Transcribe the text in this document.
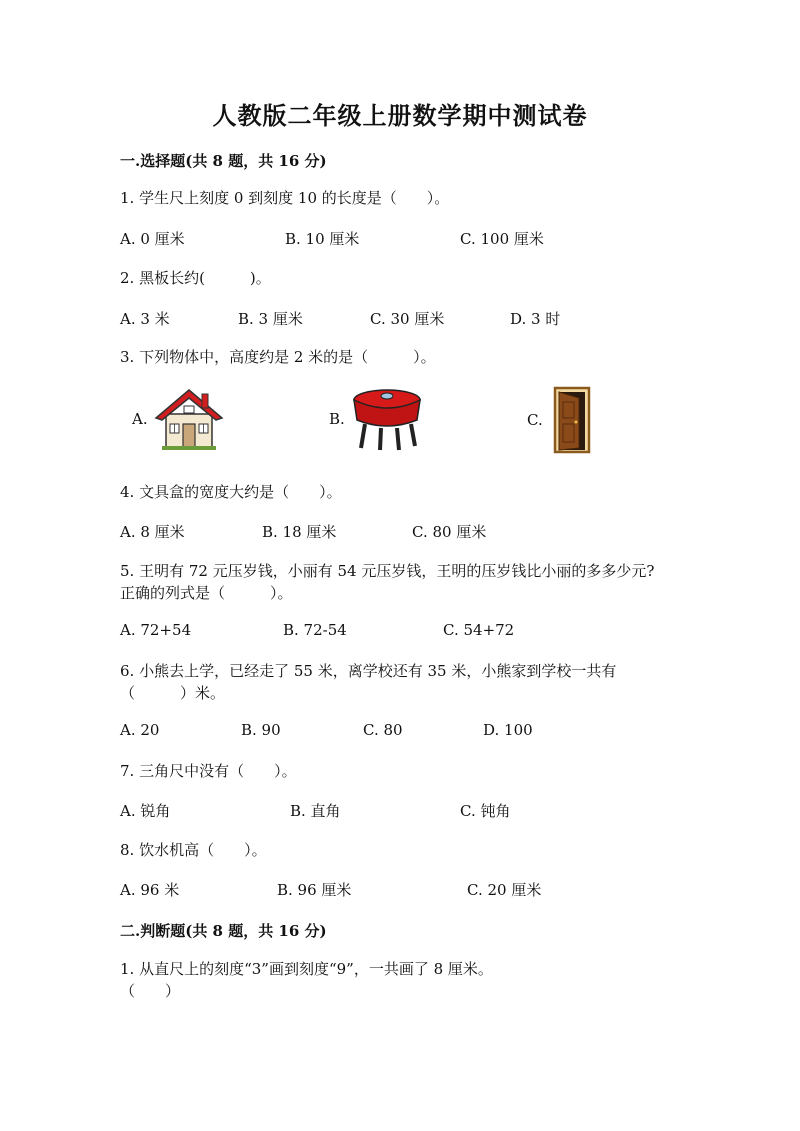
人教版二年级上册数学期中测试卷
一.选择题(共 8 题，共 16 分)
1. 学生尺上刻度 0 到刻度 10 的长度是（　　）。
A. 0 厘米	B. 10 厘米	C. 100 厘米
2. 黑板长约(　　　)。
A. 3 米	B. 3 厘米	C. 30 厘米	D. 3 时
3. 下列物体中，高度约是 2 米的是（　　　）。
A.	B.	C.
4. 文具盒的宽度大约是（　　）。
A. 8 厘米	B. 18 厘米	C. 80 厘米
5. 王明有 72 元压岁钱，小丽有 54 元压岁钱，王明的压岁钱比小丽的多多少元?
正确的列式是（　　　）。
A. 72+54	B. 72-54	C. 54+72
6. 小熊去上学，已经走了 55 米，离学校还有 35 米，小熊家到学校一共有
（　　　）米。
A. 20	B. 90	C. 80	D. 100
7. 三角尺中没有（　　）。
A. 锐角	B. 直角	C. 钝角
8. 饮水机高（　　）。
A. 96 米	B. 96 厘米	C. 20 厘米
二.判断题(共 8 题，共 16 分)
1. 从直尺上的刻度“3”画到刻度“9”，一共画了 8 厘米。
（　　）
